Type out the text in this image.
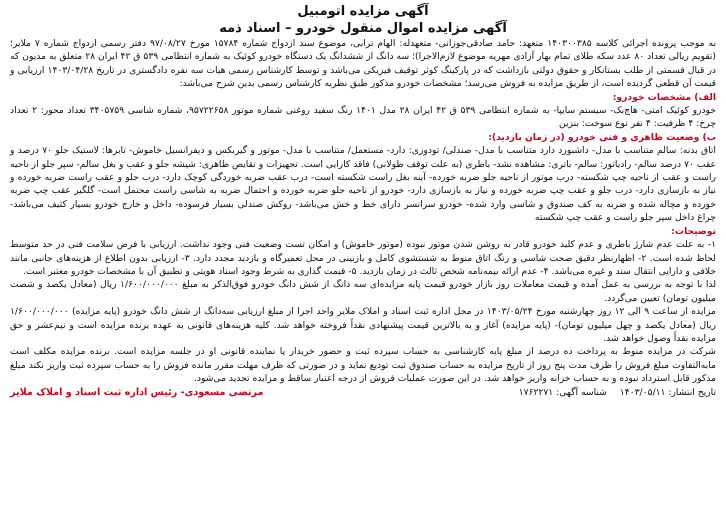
آگهی مزایده اتومبیل
آگهی مزایده اموال منقول خودرو – اسناد ذمه

به موجب پرونده اجرائی کلاسه ۱۴۰۳۰۰۳۸۵ متعهد: حامد صادقی‌جوزانی- متعهدله: الهام ترابی، موضوع سند ازدواج شماره ۱۵۷۸۴ مورخ ۹۷/۰۸/۲۷ دفتر رسمی ازدواج شماره ۷ ملایر؛ (تقویم ریالی تعداد ۸۰ عدد سکه طلای تمام بهار آزادی مهریه موضوع لازم‌الاجرا)؛ سه دانگ از ششدانگ یک دستگاه خودرو کوئیک به شماره انتظامی ۵۳۹ ق ۴۲ ایران ۲۸ متعلق به مدیون که در قبال قسمتی از طلب بستانکار و حقوق دولتی بازداشت که در پارکینگ کوثر توقیف فیزیکی می‌باشد و توسط کارشناس رسمی هیات سه نفره دادگستری در تاریخ ۱۴۰۳/۰۴/۲۸ ارزیابی و قیمت آن قطعی گردیده است، از طریق مزایده به فروش می‌رسد؛ مشخصات خودرو مذکور طبق نظریه کارشناس رسمی بدین شرح می‌باشد:

الف) مشخصات خودرو:

خودرو کوئیک امتی- هاچ‌بک- سیستم سایپا- به شماره انتظامی ۵۳۹ ق ۴۲ ایران ۲۸ مدل ۱۴۰۱ رنگ سفید روغنی شماره موتور ۹۵۷۲۲۶۵۸، شماره شاسی ۳۴۰۵۷۵۹ تعداد محور: ۲ تعداد چرخ: ۴ ظرفیت: ۴ نفر نوع سوخت: بنزین

ب) وضعیت ظاهری و فنی خودرو (در زمان بازدید):

اتاق بدنه: سالم متناسب با مدل- داشبورد دارد متناسب با مدل- صندلی/ تودوزی: دارد- مستعمل/ متناسب با مدل- موتور و گیربکس و دیفرانسیل خاموش- تایرها: لاستیک جلو ۷۰ درصد و عقب ۷۰ درصد سالم- رادیاتور: سالم- باتری: مشاهده نشد- باطری (به علت توقف طولانی) فاقد کارایی است. تجهیزات و نقایص ظاهری: شیشه جلو و عقب و بغل سالم- سپر جلو از ناحیه راست و عقب از ناحیه چپ شکسته- درب موتور از ناحیه جلو ضربه خورده- آینه بغل راست شکسته است- درب عقب ضربه خوردگی کوچک دارد- درب جلو و عقب راست ضربه خورده و نیاز به بازسازی دارد- درب جلو و عقب چپ ضربه خورده و نیاز به بازسازی دارد- خودرو از ناحیه جلو ضربه خورده و احتمال ضربه به شاسی راست محتمل است- گلگیر عقب چپ ضربه خورده و مچاله شده و ضربه به کف صندوق و شاسی وارد شده- خودرو سرانسر دارای خط و خش می‌باشد- روکش صندلی بسیار فرسوده- داخل و خارج خودرو بسیار کثیف می‌باشد- چراغ داخل سپر جلو راست و عقب چپ شکسته

توضیحات:

۱- به علت عدم شارژ باطری و عدم کلید خودرو قادر به روشن شدن موتور نبوده (موتور خاموش) و امکان تست وضعیت فنی وجود نداشت. ارزیابی با فرض سلامت فنی در حد متوسط لحاظ شده است. ۲- اظهارنظر دقیق صحت شاسی و رنگ اتاق منوط به شستشوی کامل و بازبینی در محل تعمیرگاه و بازدید مجدد دارد. ۳- ارزیابی بدون اطلاع از هزینه‌های جانبی مانند خلافی و دارایی انتقال سند و غیره می‌باشد. ۴- عدم ارائه بیمه‌نامه شخص ثالث در زمان بازدید. ۵- قیمت گذاری به شرط وجود اسناد هویتی و تطبیق آن با مشخصات خودرو معتبر است.

لذا با توجه به بررسی به عمل آمده و قیمت معاملات روز بازار خودرو قیمت پایه مزایده‌ای سه دانگ از شش دانگ خودرو فوق‌الذکر به مبلغ ۱/۶۰۰/۰۰۰/۰۰۰ ریال (معادل یکصد و شصت میلیون تومان) تعیین می‌گردد.

مزایده از ساعت ۹ الی ۱۲ روز چهارشنبه مورخ ۱۴۰۳/۰۵/۲۴ در محل اداره ثبت اسناد و املاک ملایر واحد اجرا از مبلغ ارزیابی سه‌دانگ از شش دانگ خودرو (پایه مزایده) ۱/۶۰۰/۰۰۰/۰۰۰ ریال (معادل یکصد و چهل میلیون تومان)- (پایه مزایده) آغاز و به بالاترین قیمت پیشنهادی نقداً فروخته خواهد شد. کلیه هزینه‌های قانونی به عهده برنده مزایده است و نیم‌عشر و حق مزایده نقداً وصول خواهد شد.

شرکت در مزایده منوط به پرداخت ده درصد از مبلغ پایه کارشناسی به حساب سپرده ثبت و حضور خریدار یا نماینده قانونی او در جلسه مزایده است. برنده مزایده مکلف است مابه‌التفاوت مبلغ فروش را ظرف مدت پنج روز از تاریخ مزایده به حساب صندوق ثبت تودیع نماید و در صورتی که ظرف مهلت مقرر مانده فروش را به حساب سپرده ثبت واریز نکند مبلغ مذکور قابل استرداد نبوده و به حساب خزانه واریز خواهد شد. در این صورت عملیات فروش از درجه اعتبار ساقط و مزایده تجدید می‌شود.

تاریخ انتشار: ۱۴۰۳/۰۵/۱۱ شناسه آگهی: ۱۷۶۲۲۷۱
مرتضی مسعودی- رئیس اداره ثبت اسناد و املاک ملایر
